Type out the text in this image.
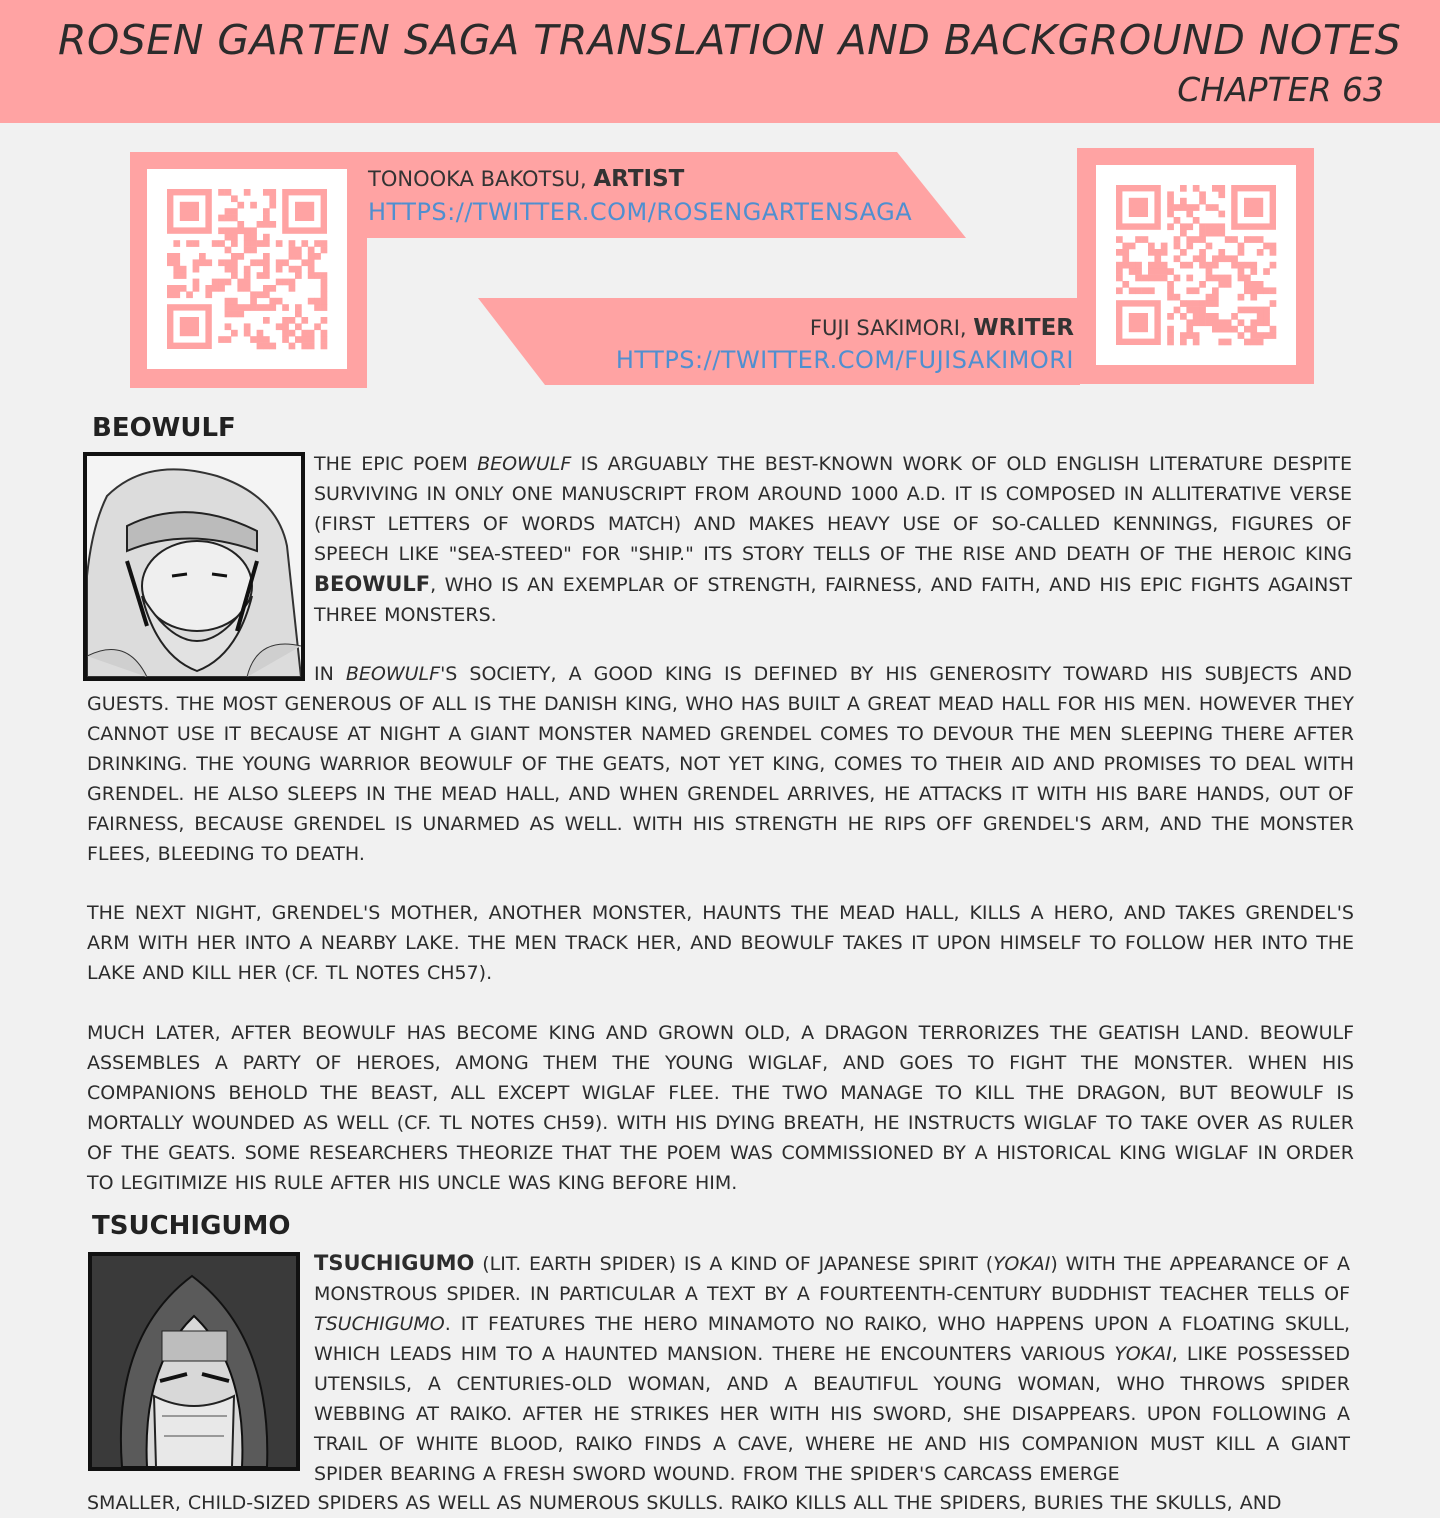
ROSEN GARTEN SAGA TRANSLATION AND BACKGROUND NOTES
CHAPTER 63
TONOOKA BAKOTSU, ARTIST
HTTPS://TWITTER.COM/ROSENGARTENSAGA
FUJI SAKIMORI, WRITER
HTTPS://TWITTER.COM/FUJISAKIMORI
BEOWULF
THE EPIC POEM BEOWULF IS ARGUABLY THE BEST-KNOWN WORK OF OLD ENGLISH LITERATURE DESPITE SURVIVING IN ONLY ONE MANUSCRIPT FROM AROUND 1000 A.D. IT IS COMPOSED IN ALLITERATIVE VERSE (FIRST LETTERS OF WORDS MATCH) AND MAKES HEAVY USE OF SO-CALLED KENNINGS, FIGURES OF SPEECH LIKE "SEA-STEED" FOR "SHIP." ITS STORY TELLS OF THE RISE AND DEATH OF THE HEROIC KING BEOWULF, WHO IS AN EXEMPLAR OF STRENGTH, FAIRNESS, AND FAITH, AND HIS EPIC FIGHTS AGAINST THREE MONSTERS.
IN BEOWULF'S SOCIETY, A GOOD KING IS DEFINED BY HIS GENEROSITY TOWARD HIS SUBJECTS AND
GUESTS. THE MOST GENEROUS OF ALL IS THE DANISH KING, WHO HAS BUILT A GREAT MEAD HALL FOR HIS MEN. HOWEVER THEY CANNOT USE IT BECAUSE AT NIGHT A GIANT MONSTER NAMED GRENDEL COMES TO DEVOUR THE MEN SLEEPING THERE AFTER DRINKING. THE YOUNG WARRIOR BEOWULF OF THE GEATS, NOT YET KING, COMES TO THEIR AID AND PROMISES TO DEAL WITH GRENDEL. HE ALSO SLEEPS IN THE MEAD HALL, AND WHEN GRENDEL ARRIVES, HE ATTACKS IT WITH HIS BARE HANDS, OUT OF FAIRNESS, BECAUSE GRENDEL IS UNARMED AS WELL. WITH HIS STRENGTH HE RIPS OFF GRENDEL'S ARM, AND THE MONSTER FLEES, BLEEDING TO DEATH.
THE NEXT NIGHT, GRENDEL'S MOTHER, ANOTHER MONSTER, HAUNTS THE MEAD HALL, KILLS A HERO, AND TAKES GRENDEL'S ARM WITH HER INTO A NEARBY LAKE. THE MEN TRACK HER, AND BEOWULF TAKES IT UPON HIMSELF TO FOLLOW HER INTO THE LAKE AND KILL HER (CF. TL NOTES CH57).
MUCH LATER, AFTER BEOWULF HAS BECOME KING AND GROWN OLD, A DRAGON TERRORIZES THE GEATISH LAND. BEOWULF ASSEMBLES A PARTY OF HEROES, AMONG THEM THE YOUNG WIGLAF, AND GOES TO FIGHT THE MONSTER. WHEN HIS COMPANIONS BEHOLD THE BEAST, ALL EXCEPT WIGLAF FLEE. THE TWO MANAGE TO KILL THE DRAGON, BUT BEOWULF IS MORTALLY WOUNDED AS WELL (CF. TL NOTES CH59). WITH HIS DYING BREATH, HE INSTRUCTS WIGLAF TO TAKE OVER AS RULER OF THE GEATS. SOME RESEARCHERS THEORIZE THAT THE POEM WAS COMMISSIONED BY A HISTORICAL KING WIGLAF IN ORDER TO LEGITIMIZE HIS RULE AFTER HIS UNCLE WAS KING BEFORE HIM.
TSUCHIGUMO
TSUCHIGUMO (LIT. EARTH SPIDER) IS A KIND OF JAPANESE SPIRIT (YOKAI) WITH THE APPEARANCE OF A MONSTROUS SPIDER. IN PARTICULAR A TEXT BY A FOURTEENTH-CENTURY BUDDHIST TEACHER TELLS OF TSUCHIGUMO. IT FEATURES THE HERO MINAMOTO NO RAIKO, WHO HAPPENS UPON A FLOATING SKULL, WHICH LEADS HIM TO A HAUNTED MANSION. THERE HE ENCOUNTERS VARIOUS YOKAI, LIKE POSSESSED UTENSILS, A CENTURIES-OLD WOMAN, AND A BEAUTIFUL YOUNG WOMAN, WHO THROWS SPIDER WEBBING AT RAIKO. AFTER HE STRIKES HER WITH HIS SWORD, SHE DISAPPEARS. UPON FOLLOWING A TRAIL OF WHITE BLOOD, RAIKO FINDS A CAVE, WHERE HE AND HIS COMPANION MUST KILL A GIANT SPIDER BEARING A FRESH SWORD WOUND. FROM THE SPIDER'S CARCASS EMERGE
SMALLER, CHILD-SIZED SPIDERS AS WELL AS NUMEROUS SKULLS. RAIKO KILLS ALL THE SPIDERS, BURIES THE SKULLS, AND
